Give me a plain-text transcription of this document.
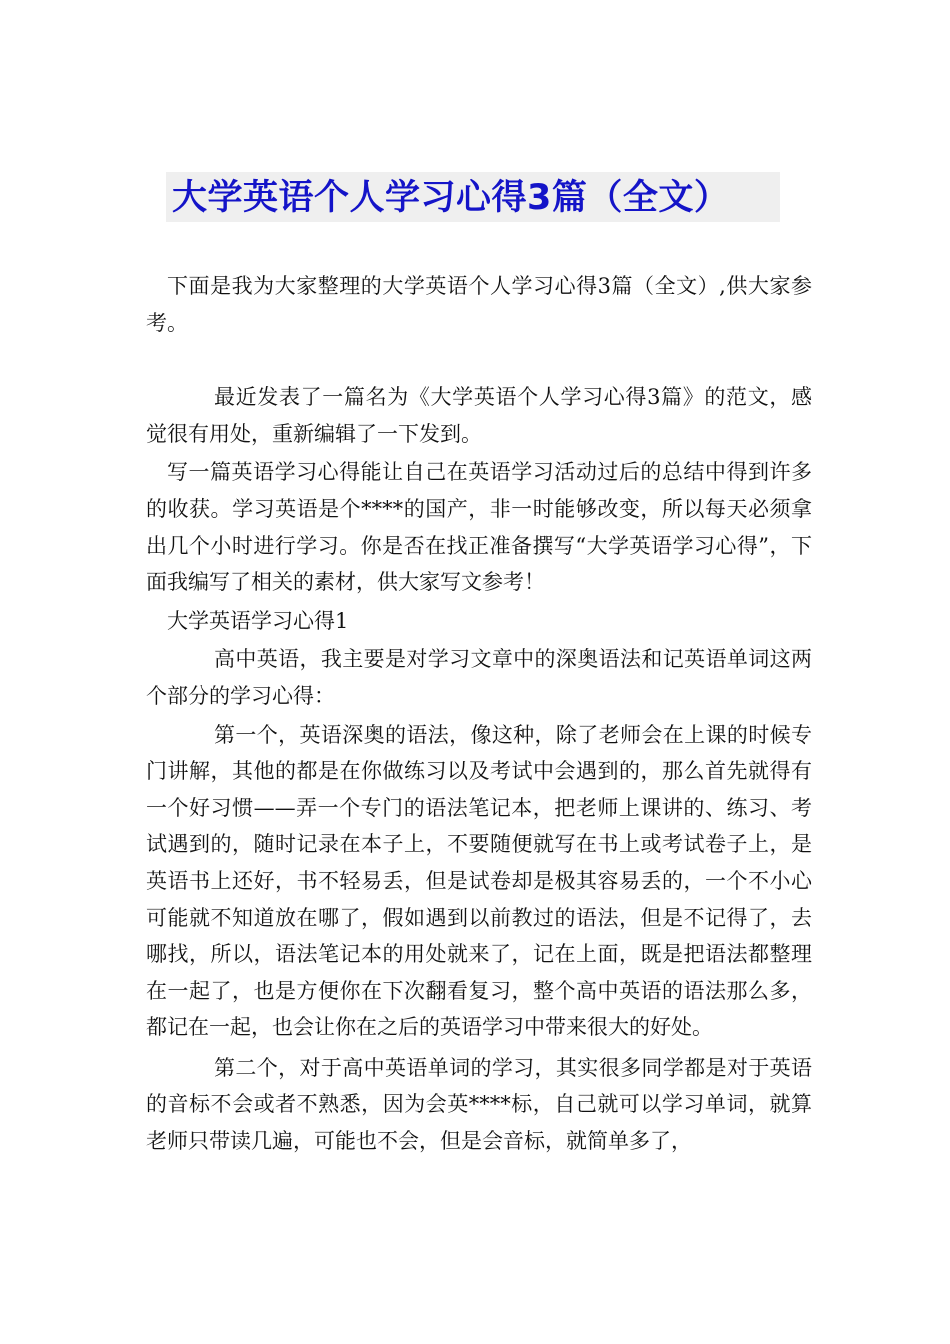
大学英语个人学习心得3篇（全文）

下面是我为大家整理的大学英语个人学习心得3篇（全文）,供大家参考。

最近发表了一篇名为《大学英语个人学习心得3篇》的范文，感觉很有用处，重新编辑了一下发到。

写一篇英语学习心得能让自己在英语学习活动过后的总结中得到许多的收获。学习英语是个****的国产，非一时能够改变，所以每天必须拿出几个小时进行学习。你是否在找正准备撰写“大学英语学习心得”，下面我编写了相关的素材，供大家写文参考！

大学英语学习心得1

高中英语，我主要是对学习文章中的深奥语法和记英语单词这两个部分的学习心得：

第一个，英语深奥的语法，像这种，除了老师会在上课的时候专门讲解，其他的都是在你做练习以及考试中会遇到的，那么首先就得有一个好习惯——弄一个专门的语法笔记本，把老师上课讲的、练习、考试遇到的，随时记录在本子上，不要随便就写在书上或考试卷子上，是英语书上还好，书不轻易丢，但是试卷却是极其容易丢的，一个不小心可能就不知道放在哪了，假如遇到以前教过的语法，但是不记得了，去哪找，所以，语法笔记本的用处就来了，记在上面，既是把语法都整理在一起了，也是方便你在下次翻看复习，整个高中英语的语法那么多，都记在一起，也会让你在之后的英语学习中带来很大的好处。

第二个，对于高中英语单词的学习，其实很多同学都是对于英语的音标不会或者不熟悉，因为会英****标，自己就可以学习单词，就算老师只带读几遍，可能也不会，但是会音标，就简单多了，
